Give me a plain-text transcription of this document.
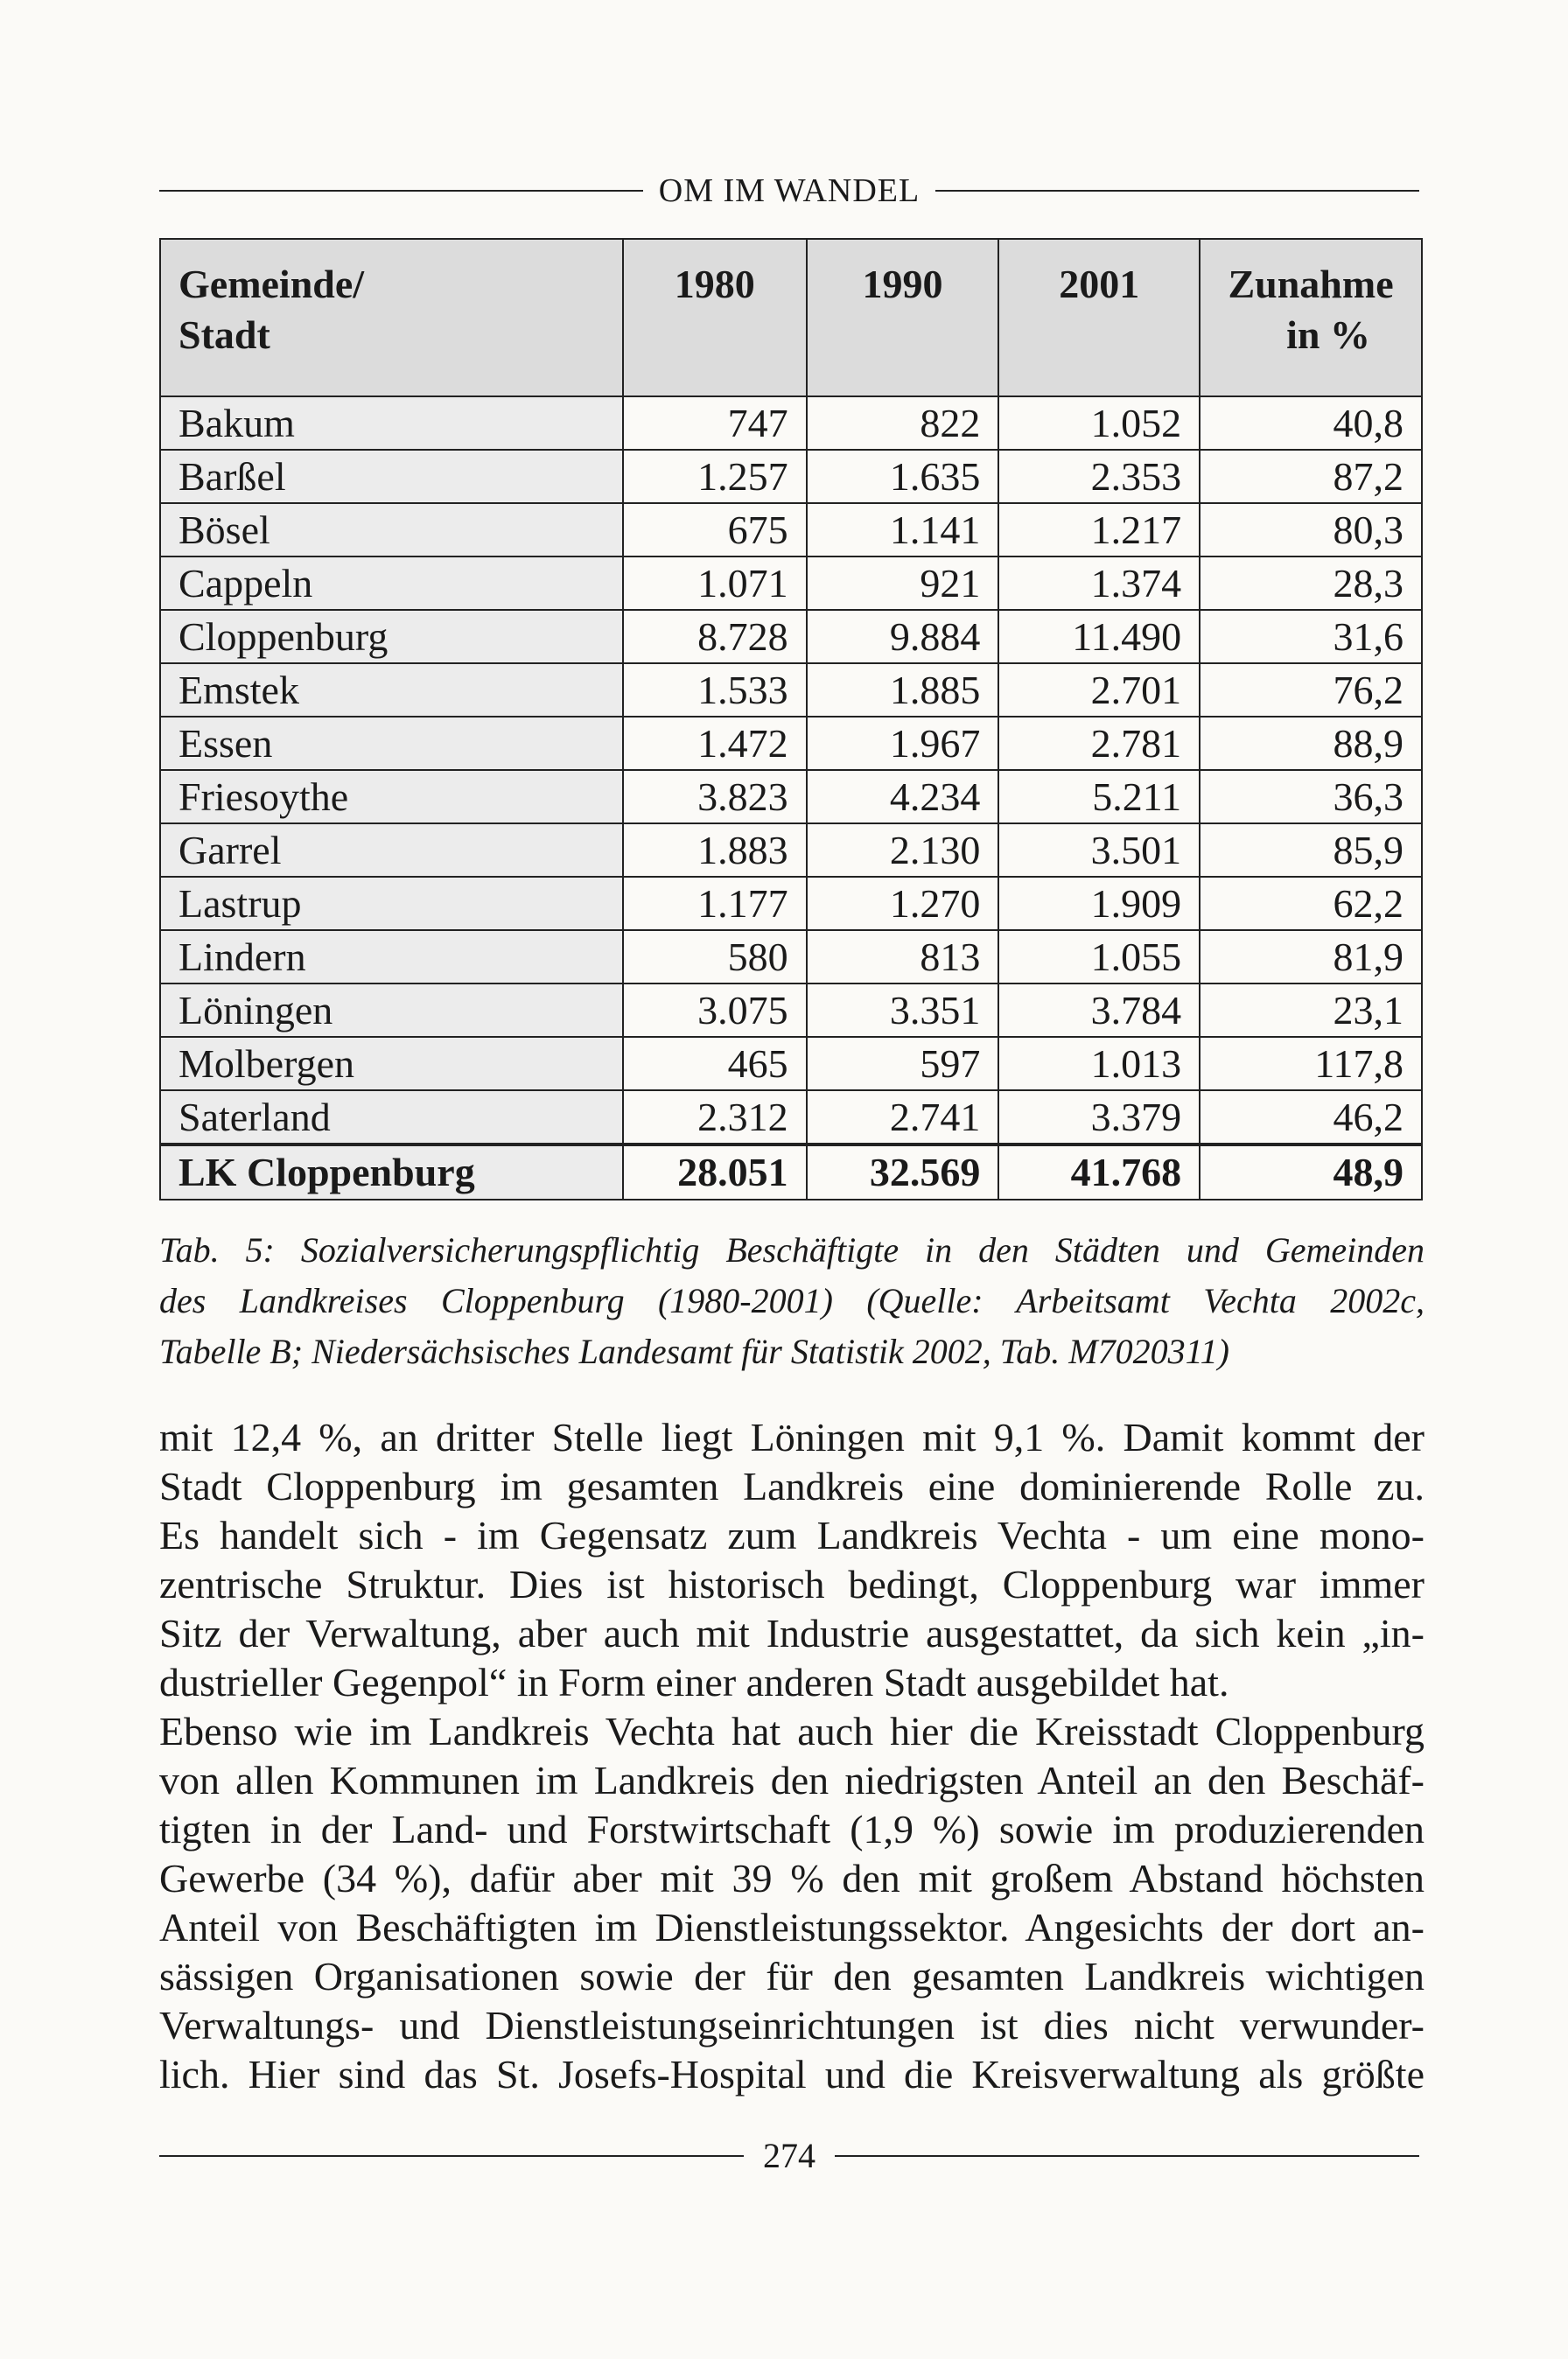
OM IM WANDEL
Gemeinde/
Stadt	1980	1990	2001	Zunahme
in %
Bakum	747	822	1.052	40,8
Barßel	1.257	1.635	2.353	87,2
Bösel	675	1.141	1.217	80,3
Cappeln	1.071	921	1.374	28,3
Cloppenburg	8.728	9.884	11.490	31,6
Emstek	1.533	1.885	2.701	76,2
Essen	1.472	1.967	2.781	88,9
Friesoythe	3.823	4.234	5.211	36,3
Garrel	1.883	2.130	3.501	85,9
Lastrup	1.177	1.270	1.909	62,2
Lindern	580	813	1.055	81,9
Löningen	3.075	3.351	3.784	23,1
Molbergen	465	597	1.013	117,8
Saterland	2.312	2.741	3.379	46,2
LK Cloppenburg	28.051	32.569	41.768	48,9
Tab. 5: Sozialversicherungspflichtig Beschäftigte in den Städten und Gemeinden
des Landkreises Cloppenburg (1980-2001) (Quelle: Arbeitsamt Vechta 2002c,
Tabelle B; Niedersächsisches Landesamt für Statistik 2002, Tab. M7020311)
mit 12,4 %, an dritter Stelle liegt Löningen mit 9,1 %. Damit kommt der
Stadt Cloppenburg im gesamten Landkreis eine dominierende Rolle zu.
Es handelt sich - im Gegensatz zum Landkreis Vechta - um eine mono-
zentrische Struktur. Dies ist historisch bedingt, Cloppenburg war immer
Sitz der Verwaltung, aber auch mit Industrie ausgestattet, da sich kein „in-
dustrieller Gegenpol“ in Form einer anderen Stadt ausgebildet hat.
Ebenso wie im Landkreis Vechta hat auch hier die Kreisstadt Cloppenburg
von allen Kommunen im Landkreis den niedrigsten Anteil an den Beschäf-
tigten in der Land- und Forstwirtschaft (1,9 %) sowie im produzierenden
Gewerbe (34 %), dafür aber mit 39 % den mit großem Abstand höchsten
Anteil von Beschäftigten im Dienstleistungssektor. Angesichts der dort an-
sässigen Organisationen sowie der für den gesamten Landkreis wichtigen
Verwaltungs- und Dienstleistungseinrichtungen ist dies nicht verwunder-
lich. Hier sind das St. Josefs-Hospital und die Kreisverwaltung als größte
274
